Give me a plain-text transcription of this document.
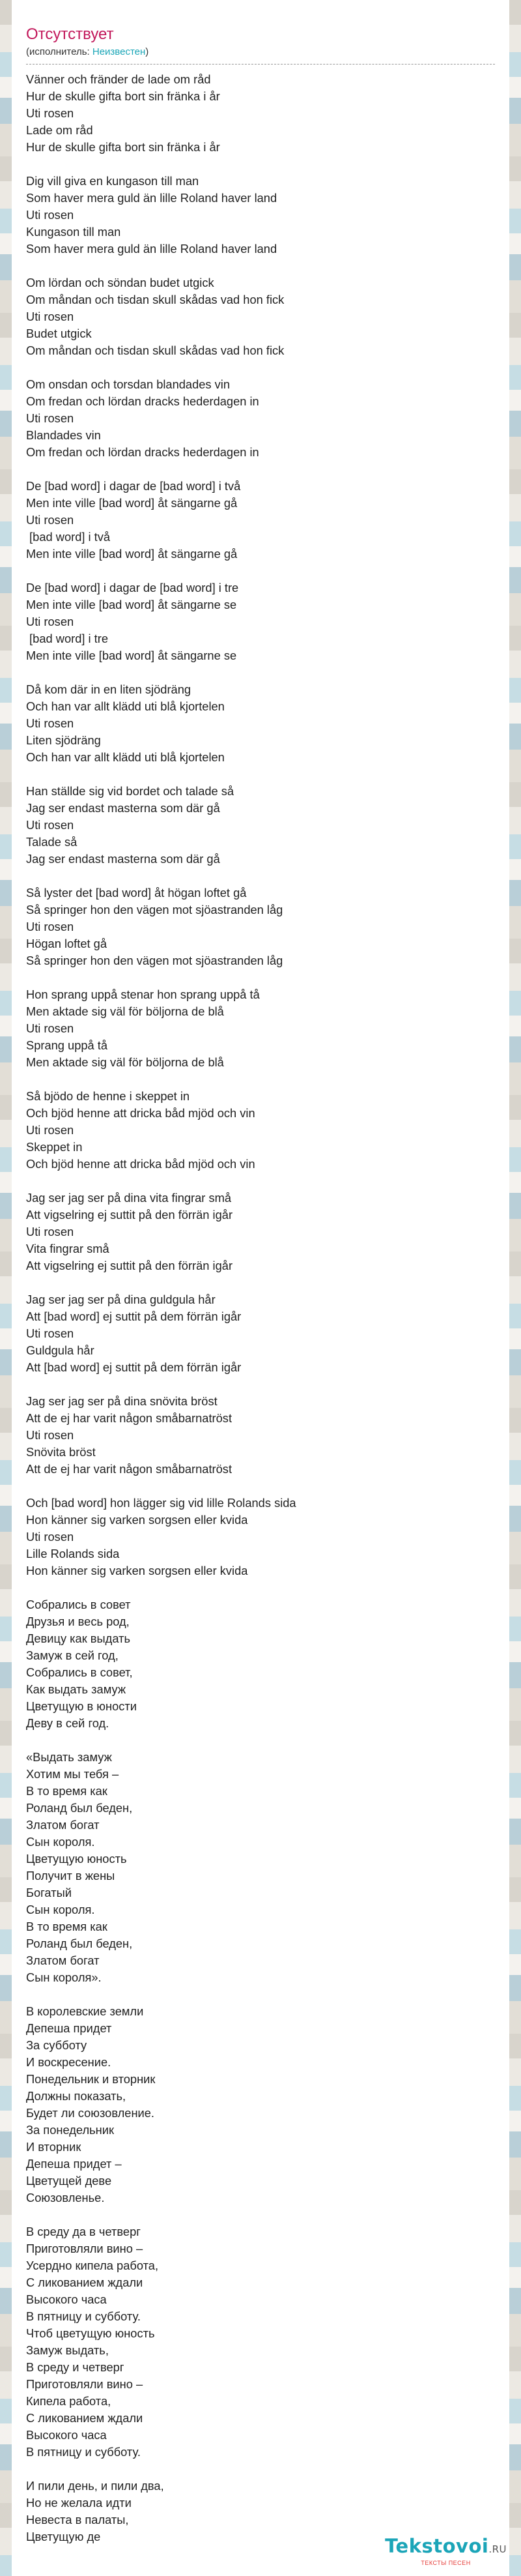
Отсутствует
(исполнитель: Неизвестен)
Vänner och fränder de lade om råd
Hur de skulle gifta bort sin fränka i år
Uti rosen
Lade om råd
Hur de skulle gifta bort sin fränka i år
Dig vill giva en kungason till man
Som haver mera guld än lille Roland haver land
Uti rosen
Kungason till man
Som haver mera guld än lille Roland haver land
Om lördan och söndan budet utgick
Om måndan och tisdan skull skådas vad hon fick
Uti rosen
Budet utgick
Om måndan och tisdan skull skådas vad hon fick
Om onsdan och torsdan blandades vin
Om fredan och lördan dracks hederdagen in
Uti rosen
Blandades vin
Om fredan och lördan dracks hederdagen in
De [bad word] i dagar de [bad word] i två
Men inte ville [bad word] åt sängarne gå
Uti rosen
[bad word] i två
Men inte ville [bad word] åt sängarne gå
De [bad word] i dagar de [bad word] i tre
Men inte ville [bad word] åt sängarne se
Uti rosen
[bad word] i tre
Men inte ville [bad word] åt sängarne se
Då kom där in en liten sjödräng
Och han var allt klädd uti blå kjortelen
Uti rosen
Liten sjödräng
Och han var allt klädd uti blå kjortelen
Han ställde sig vid bordet och talade så
Jag ser endast masterna som där gå
Uti rosen
Talade så
Jag ser endast masterna som där gå
Så lyster det [bad word] åt högan loftet gå
Så springer hon den vägen mot sjöastranden låg
Uti rosen
Högan loftet gå
Så springer hon den vägen mot sjöastranden låg
Hon sprang uppå stenar hon sprang uppå tå
Men aktade sig väl för böljorna de blå
Uti rosen
Sprang uppå tå
Men aktade sig väl för böljorna de blå
Så bjödo de henne i skeppet in
Och bjöd henne att dricka båd mjöd och vin
Uti rosen
Skeppet in
Och bjöd henne att dricka båd mjöd och vin
Jag ser jag ser på dina vita fingrar små
Att vigselring ej suttit på den förrän igår
Uti rosen
Vita fingrar små
Att vigselring ej suttit på den förrän igår
Jag ser jag ser på dina guldgula hår
Att [bad word] ej suttit på dem förrän igår
Uti rosen
Guldgula hår
Att [bad word] ej suttit på dem förrän igår
Jag ser jag ser på dina snövita bröst
Att de ej har varit någon småbarnatröst
Uti rosen
Snövita bröst
Att de ej har varit någon småbarnatröst
Och [bad word] hon lägger sig vid lille Rolands sida
Hon känner sig varken sorgsen eller kvida
Uti rosen
Lille Rolands sida
Hon känner sig varken sorgsen eller kvida
Собрались в совет
Друзья и весь род,
Девицу как выдать
Замуж в сей год,
Собрались в совет,
Как выдать замуж
Цветущую в юности
Деву в сей год.
«Выдать замуж
Хотим мы тебя –
В то время как
Роланд был беден,
Златом богат
Сын короля.
Цветущую юность
Получит в жены
Богатый
Сын короля.
В то время как
Роланд был беден,
Златом богат
Сын короля».
В королевские земли
Депеша придет
За субботу
И воскресение.
Понедельник и вторник
Должны показать,
Будет ли союзовление.
За понедельник
И вторник
Депеша придет –
Цветущей деве
Союзовленье.
В среду да в четверг
Приготовляли вино –
Усердно кипела работа,
С ликованием ждали
Высокого часа
В пятницу и субботу.
Чтоб цветущую юность
Замуж выдать,
В среду и четверг
Приготовляли вино –
Кипела работа,
С ликованием ждали
Высокого часа
В пятницу и субботу.
И пили день, и пили два,
Но не желала идти
Невеста в палаты,
Цветущую де	Tekstovoi.RU
ТЕКСТЫ ПЕСЕН
